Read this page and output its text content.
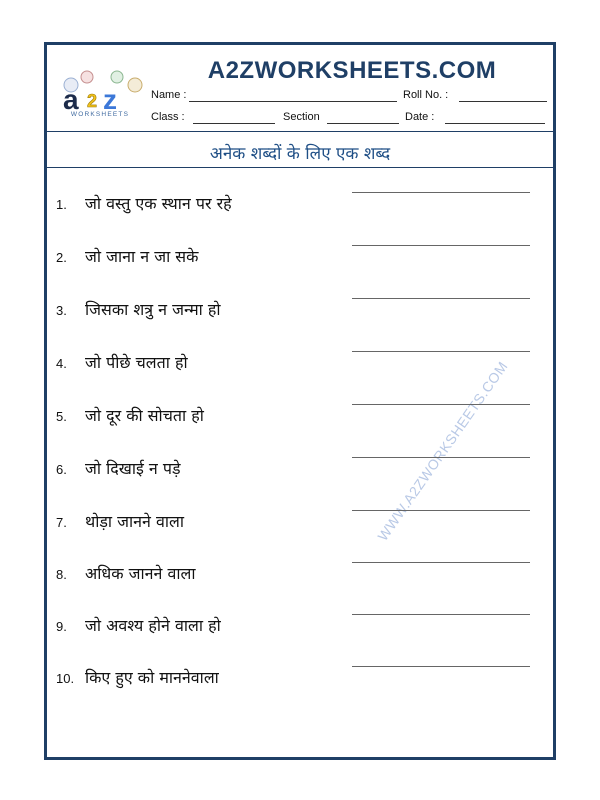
a 2 z
WORKSHEETS
A2ZWORKSHEETS.COM
Name :	Roll No. :
Class :	Section	Date :
अनेक शब्दों के लिए एक शब्द
WWW.A2ZWORKSHEETS.COM
1. जो वस्तु एक स्थान पर रहे
2. जो जाना न जा सके
3. जिसका शत्रु न जन्मा हो
4. जो पीछे चलता हो
5. जो दूर की सोचता हो
6. जो दिखाई न पड़े
7. थोड़ा जानने वाला
8. अधिक जानने वाला
9. जो अवश्य होने वाला हो
10. किए हुए को माननेवाला
